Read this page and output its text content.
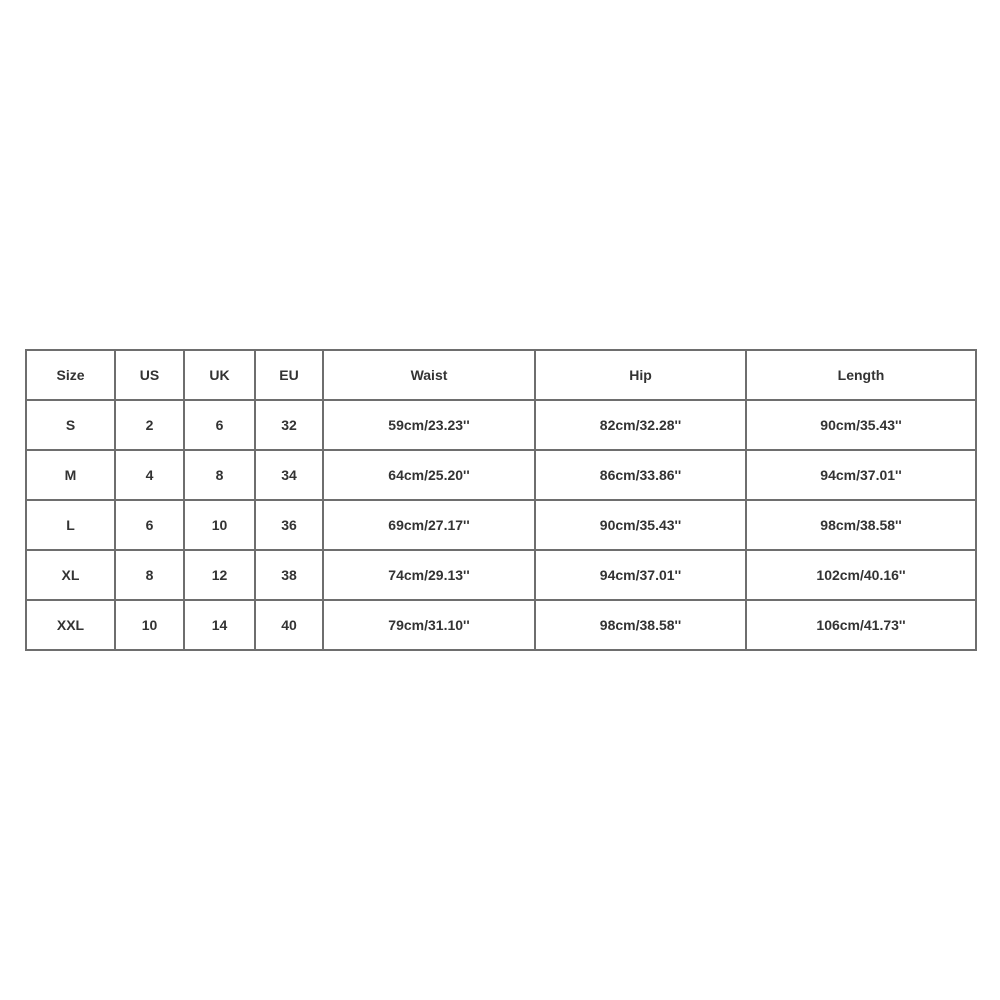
Size	US	UK	EU	Waist	Hip	Length
S	2	6	32	59cm/23.23''	82cm/32.28''	90cm/35.43''
M	4	8	34	64cm/25.20''	86cm/33.86''	94cm/37.01''
L	6	10	36	69cm/27.17''	90cm/35.43''	98cm/38.58''
XL	8	12	38	74cm/29.13''	94cm/37.01''	102cm/40.16''
XXL	10	14	40	79cm/31.10''	98cm/38.58''	106cm/41.73''
